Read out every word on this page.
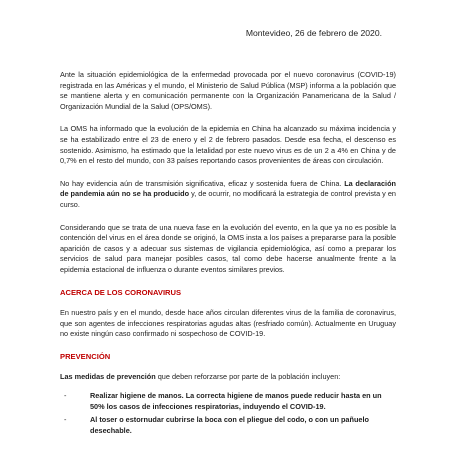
Montevideo, 26 de febrero de 2020.

Ante la situación epidemiológica de la enfermedad provocada por el nuevo coronavirus (COVID-19) registrada en las Américas y el mundo, el Ministerio de Salud Pública (MSP) informa a la población que se mantiene alerta y en comunicación permanente con la Organización Panamericana de la Salud / Organización Mundial de la Salud (OPS/OMS).

La OMS ha informado que la evolución de la epidemia en China ha alcanzado su máxima incidencia y se ha estabilizado entre el 23 de enero y el 2 de febrero pasados. Desde esa fecha, el descenso es sostenido. Asimismo, ha estimado que la letalidad por este nuevo virus es de un 2 a 4% en China y de 0,7% en el resto del mundo, con 33 países reportando casos provenientes de áreas con circulación.

No hay evidencia aún de transmisión significativa, eficaz y sostenida fuera de China. La declaración de pandemia aún no se ha producido y, de ocurrir, no modificará la estrategia de control prevista y en curso.

Considerando que se trata de una nueva fase en la evolución del evento, en la que ya no es posible la contención del virus en el área donde se originó, la OMS insta a los países a prepararse para la posible aparición de casos y a adecuar sus sistemas de vigilancia epidemiológica, así como a preparar los servicios de salud para manejar posibles casos, tal como debe hacerse anualmente frente a la epidemia estacional de influenza o durante eventos similares previos.

ACERCA DE LOS CORONAVIRUS

En nuestro país y en el mundo, desde hace años circulan diferentes virus de la familia de coronavirus, que son agentes de infecciones respiratorias agudas altas (resfriado común). Actualmente en Uruguay no existe ningún caso confirmado ni sospechoso de COVID-19.

PREVENCIÓN

Las medidas de prevención que deben reforzarse por parte de la población incluyen:

-	Realizar higiene de manos. La correcta higiene de manos puede reducir hasta en un 50% los casos de infecciones respiratorias, induyendo el COVID-19.
-	Al toser o estornudar cubrirse la boca con el pliegue del codo, o con un pañuelo desechable.
